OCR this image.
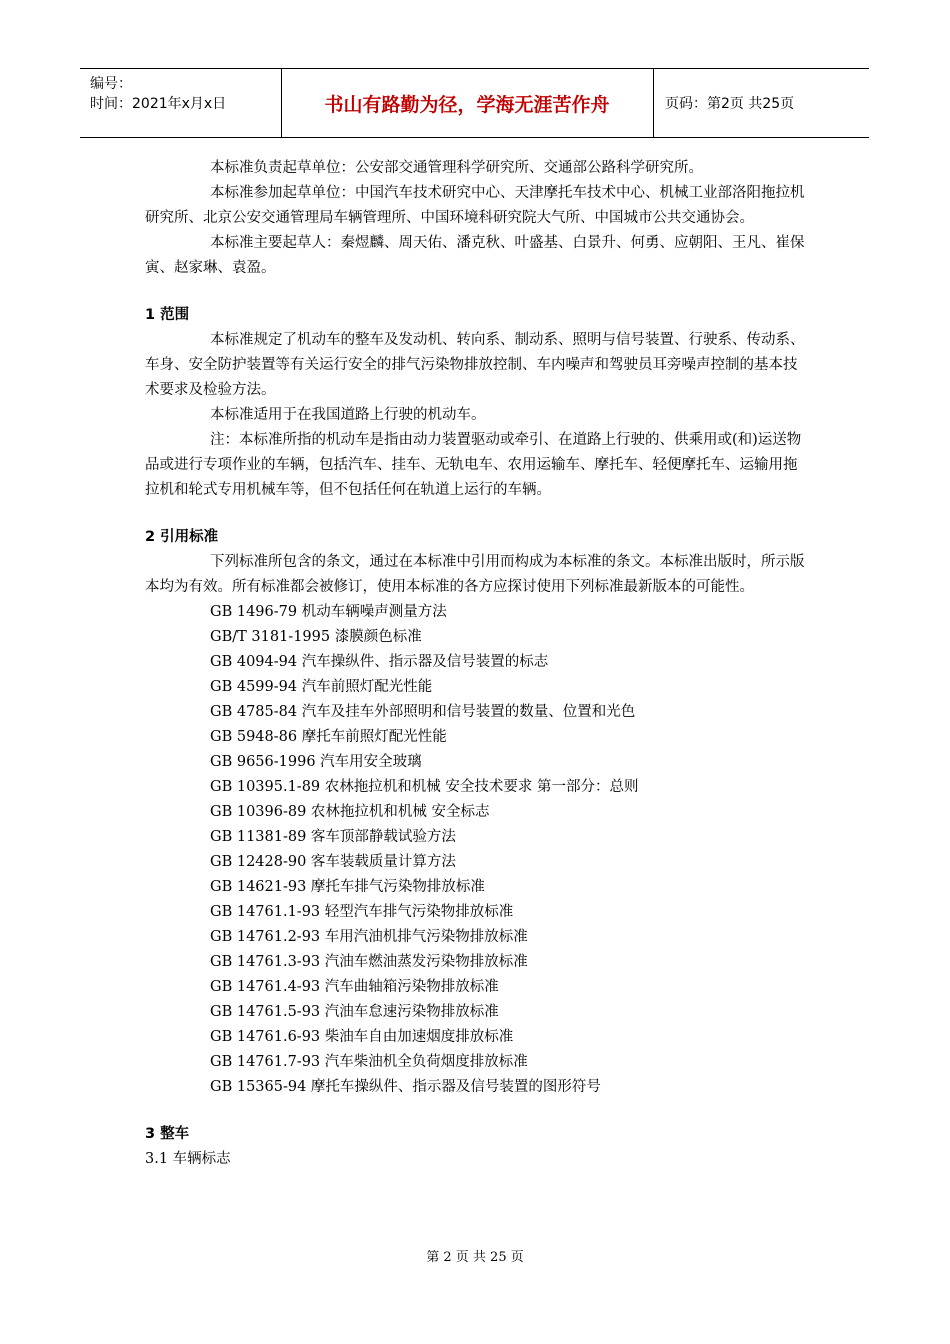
编号：
时间：2021年x月x日	书山有路勤为径，学海无涯苦作舟	页码：第2页 共25页

本标准负责起草单位：公安部交通管理科学研究所、交通部公路科学研究所。

本标准参加起草单位：中国汽车技术研究中心、天津摩托车技术中心、机械工业部洛阳拖拉机研究所、北京公安交通管理局车辆管理所、中国环境科研究院大气所、中国城市公共交通协会。

本标准主要起草人：秦煜麟、周天佑、潘克秋、叶盛基、白景升、何勇、应朝阳、王凡、崔保寅、赵家琳、袁盈。

1 范围

本标准规定了机动车的整车及发动机、转向系、制动系、照明与信号装置、行驶系、传动系、车身、安全防护装置等有关运行安全的排气污染物排放控制、车内噪声和驾驶员耳旁噪声控制的基本技术要求及检验方法。

本标准适用于在我国道路上行驶的机动车。

注：本标准所指的机动车是指由动力装置驱动或牵引、在道路上行驶的、供乘用或(和)运送物品或进行专项作业的车辆，包括汽车、挂车、无轨电车、农用运输车、摩托车、轻便摩托车、运输用拖拉机和轮式专用机械车等，但不包括任何在轨道上运行的车辆。

2 引用标准

下列标准所包含的条文，通过在本标准中引用而构成为本标准的条文。本标准出版时，所示版本均为有效。所有标准都会被修订，使用本标准的各方应探讨使用下列标准最新版本的可能性。

GB 1496-79 机动车辆噪声测量方法

GB/T 3181-1995 漆膜颜色标准

GB 4094-94 汽车操纵件、指示器及信号装置的标志

GB 4599-94 汽车前照灯配光性能

GB 4785-84 汽车及挂车外部照明和信号装置的数量、位置和光色

GB 5948-86 摩托车前照灯配光性能

GB 9656-1996 汽车用安全玻璃

GB 10395.1-89 农林拖拉机和机械 安全技术要求 第一部分：总则

GB 10396-89 农林拖拉机和机械 安全标志

GB 11381-89 客车顶部静载试验方法

GB 12428-90 客车装载质量计算方法

GB 14621-93 摩托车排气污染物排放标准

GB 14761.1-93 轻型汽车排气污染物排放标准

GB 14761.2-93 车用汽油机排气污染物排放标准

GB 14761.3-93 汽油车燃油蒸发污染物排放标准

GB 14761.4-93 汽车曲轴箱污染物排放标准

GB 14761.5-93 汽油车怠速污染物排放标准

GB 14761.6-93 柴油车自由加速烟度排放标准

GB 14761.7-93 汽车柴油机全负荷烟度排放标准

GB 15365-94 摩托车操纵件、指示器及信号装置的图形符号

3 整车

3.1 车辆标志

第 2 页 共 25 页
